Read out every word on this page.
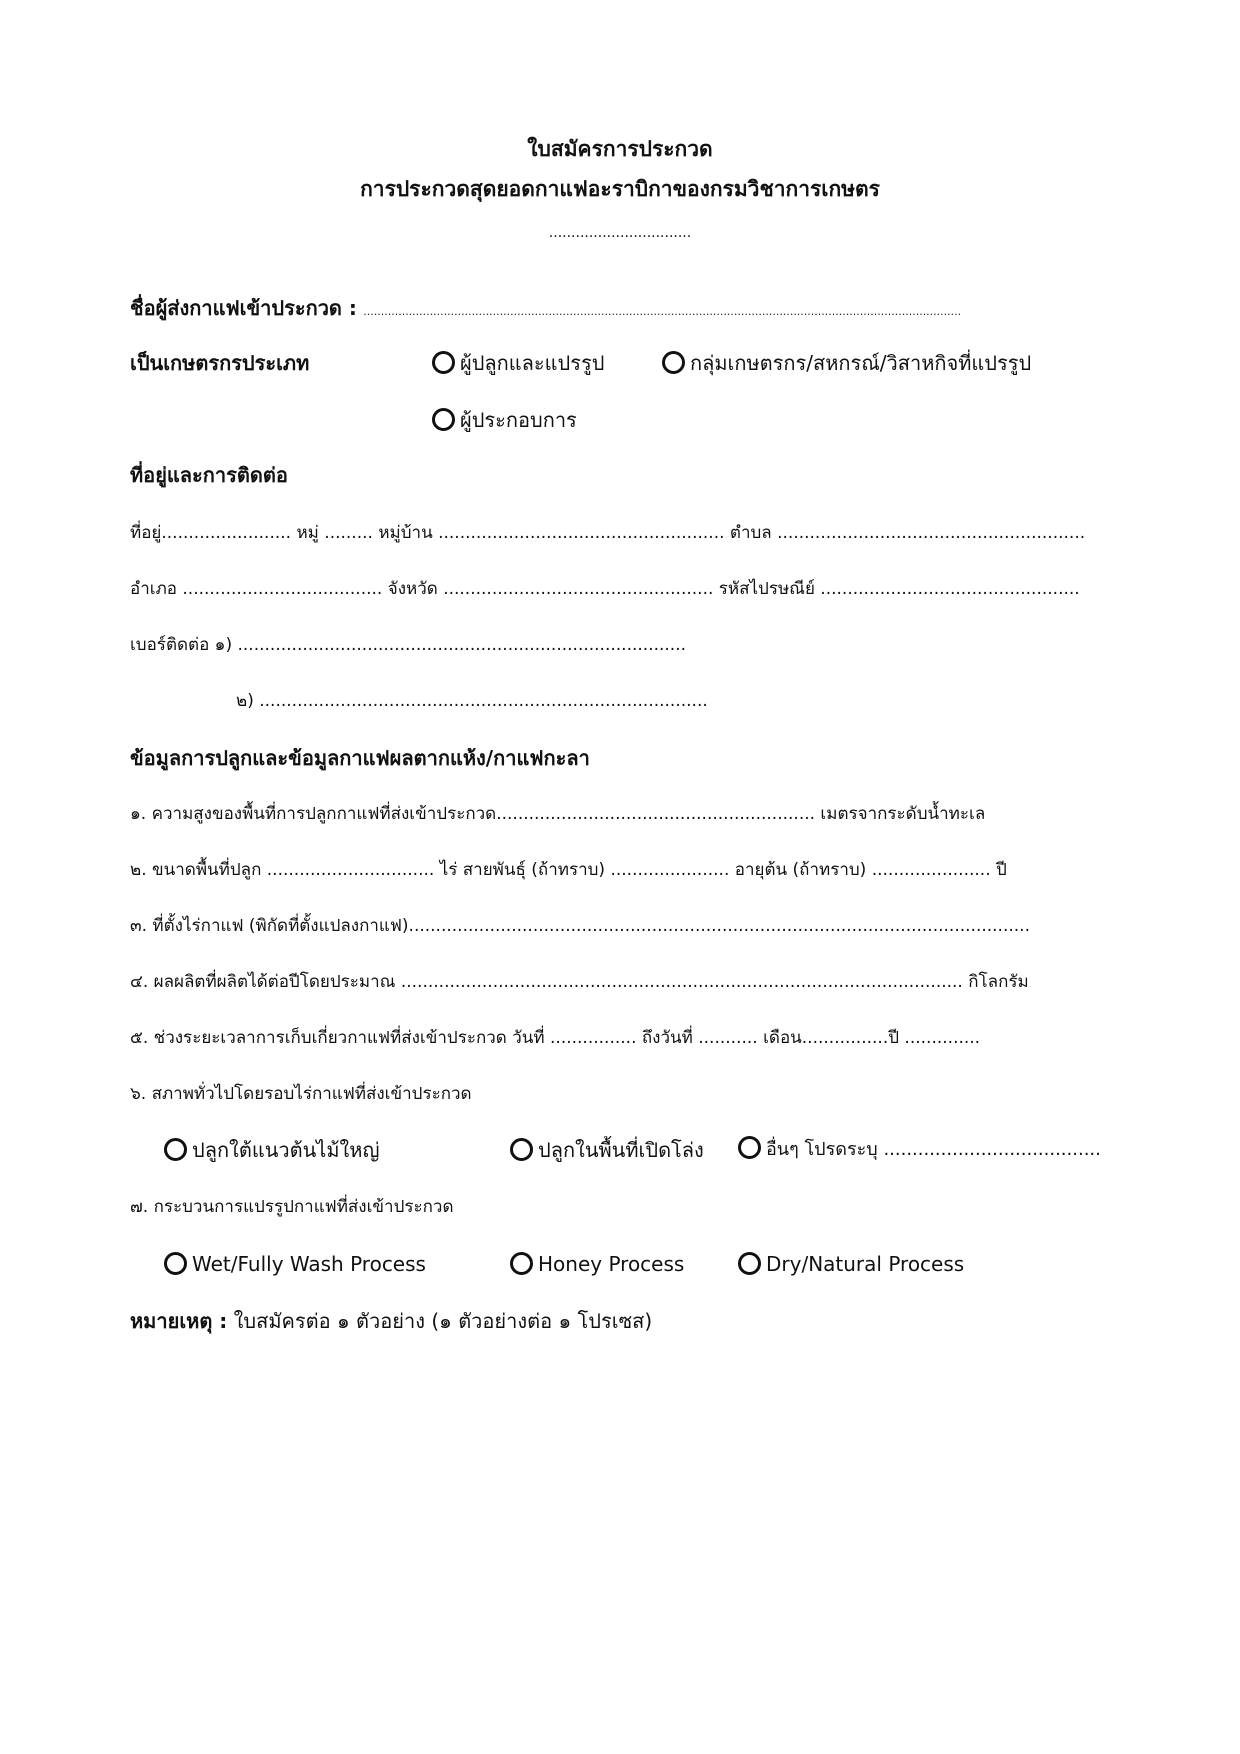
ใบสมัครการประกวด
การประกวดสุดยอดกาแฟอะราบิกาของกรมวิชาการเกษตร
................................
ชื่อผู้ส่งกาแฟเข้าประกวด : ...........................................................................................................................................................................
เป็นเกษตรกรประเภท	ผู้ปลูกและแปรรูป	กลุ่มเกษตรกร/สหกรณ์/วิสาหกิจที่แปรรูป
ผู้ประกอบการ
ที่อยู่และการติดต่อ
ที่อยู่........................ หมู่ ......... หมู่บ้าน ..................................................... ตำบล .........................................................
อำเภอ ..................................... จังหวัด .................................................. รหัสไปรษณีย์ ................................................
เบอร์ติดต่อ ๑) ...................................................................................
๒) ...................................................................................
ข้อมูลการปลูกและข้อมูลกาแฟผลตากแห้ง/กาแฟกะลา
๑. ความสูงของพื้นที่การปลูกกาแฟที่ส่งเข้าประกวด........................................................... เมตรจากระดับน้ำทะเล
๒. ขนาดพื้นที่ปลูก ............................... ไร่ สายพันธุ์ (ถ้าทราบ) ...................... อายุต้น (ถ้าทราบ) ...................... ปี
๓. ที่ตั้งไร่กาแฟ (พิกัดที่ตั้งแปลงกาแฟ)...................................................................................................................
๔. ผลผลิตที่ผลิตได้ต่อปีโดยประมาณ ........................................................................................................ กิโลกรัม
๕. ช่วงระยะเวลาการเก็บเกี่ยวกาแฟที่ส่งเข้าประกวด วันที่ ................ ถึงวันที่ ........... เดือน................ปี ..............
๖. สภาพทั่วไปโดยรอบไร่กาแฟที่ส่งเข้าประกวด
ปลูกใต้แนวต้นไม้ใหญ่	ปลูกในพื้นที่เปิดโล่ง	อื่นๆ โปรดระบุ ......................................
๗. กระบวนการแปรรูปกาแฟที่ส่งเข้าประกวด
Wet/Fully Wash Process	Honey Process	Dry/Natural Process
หมายเหตุ : ใบสมัครต่อ ๑ ตัวอย่าง (๑ ตัวอย่างต่อ ๑ โปรเซส)
